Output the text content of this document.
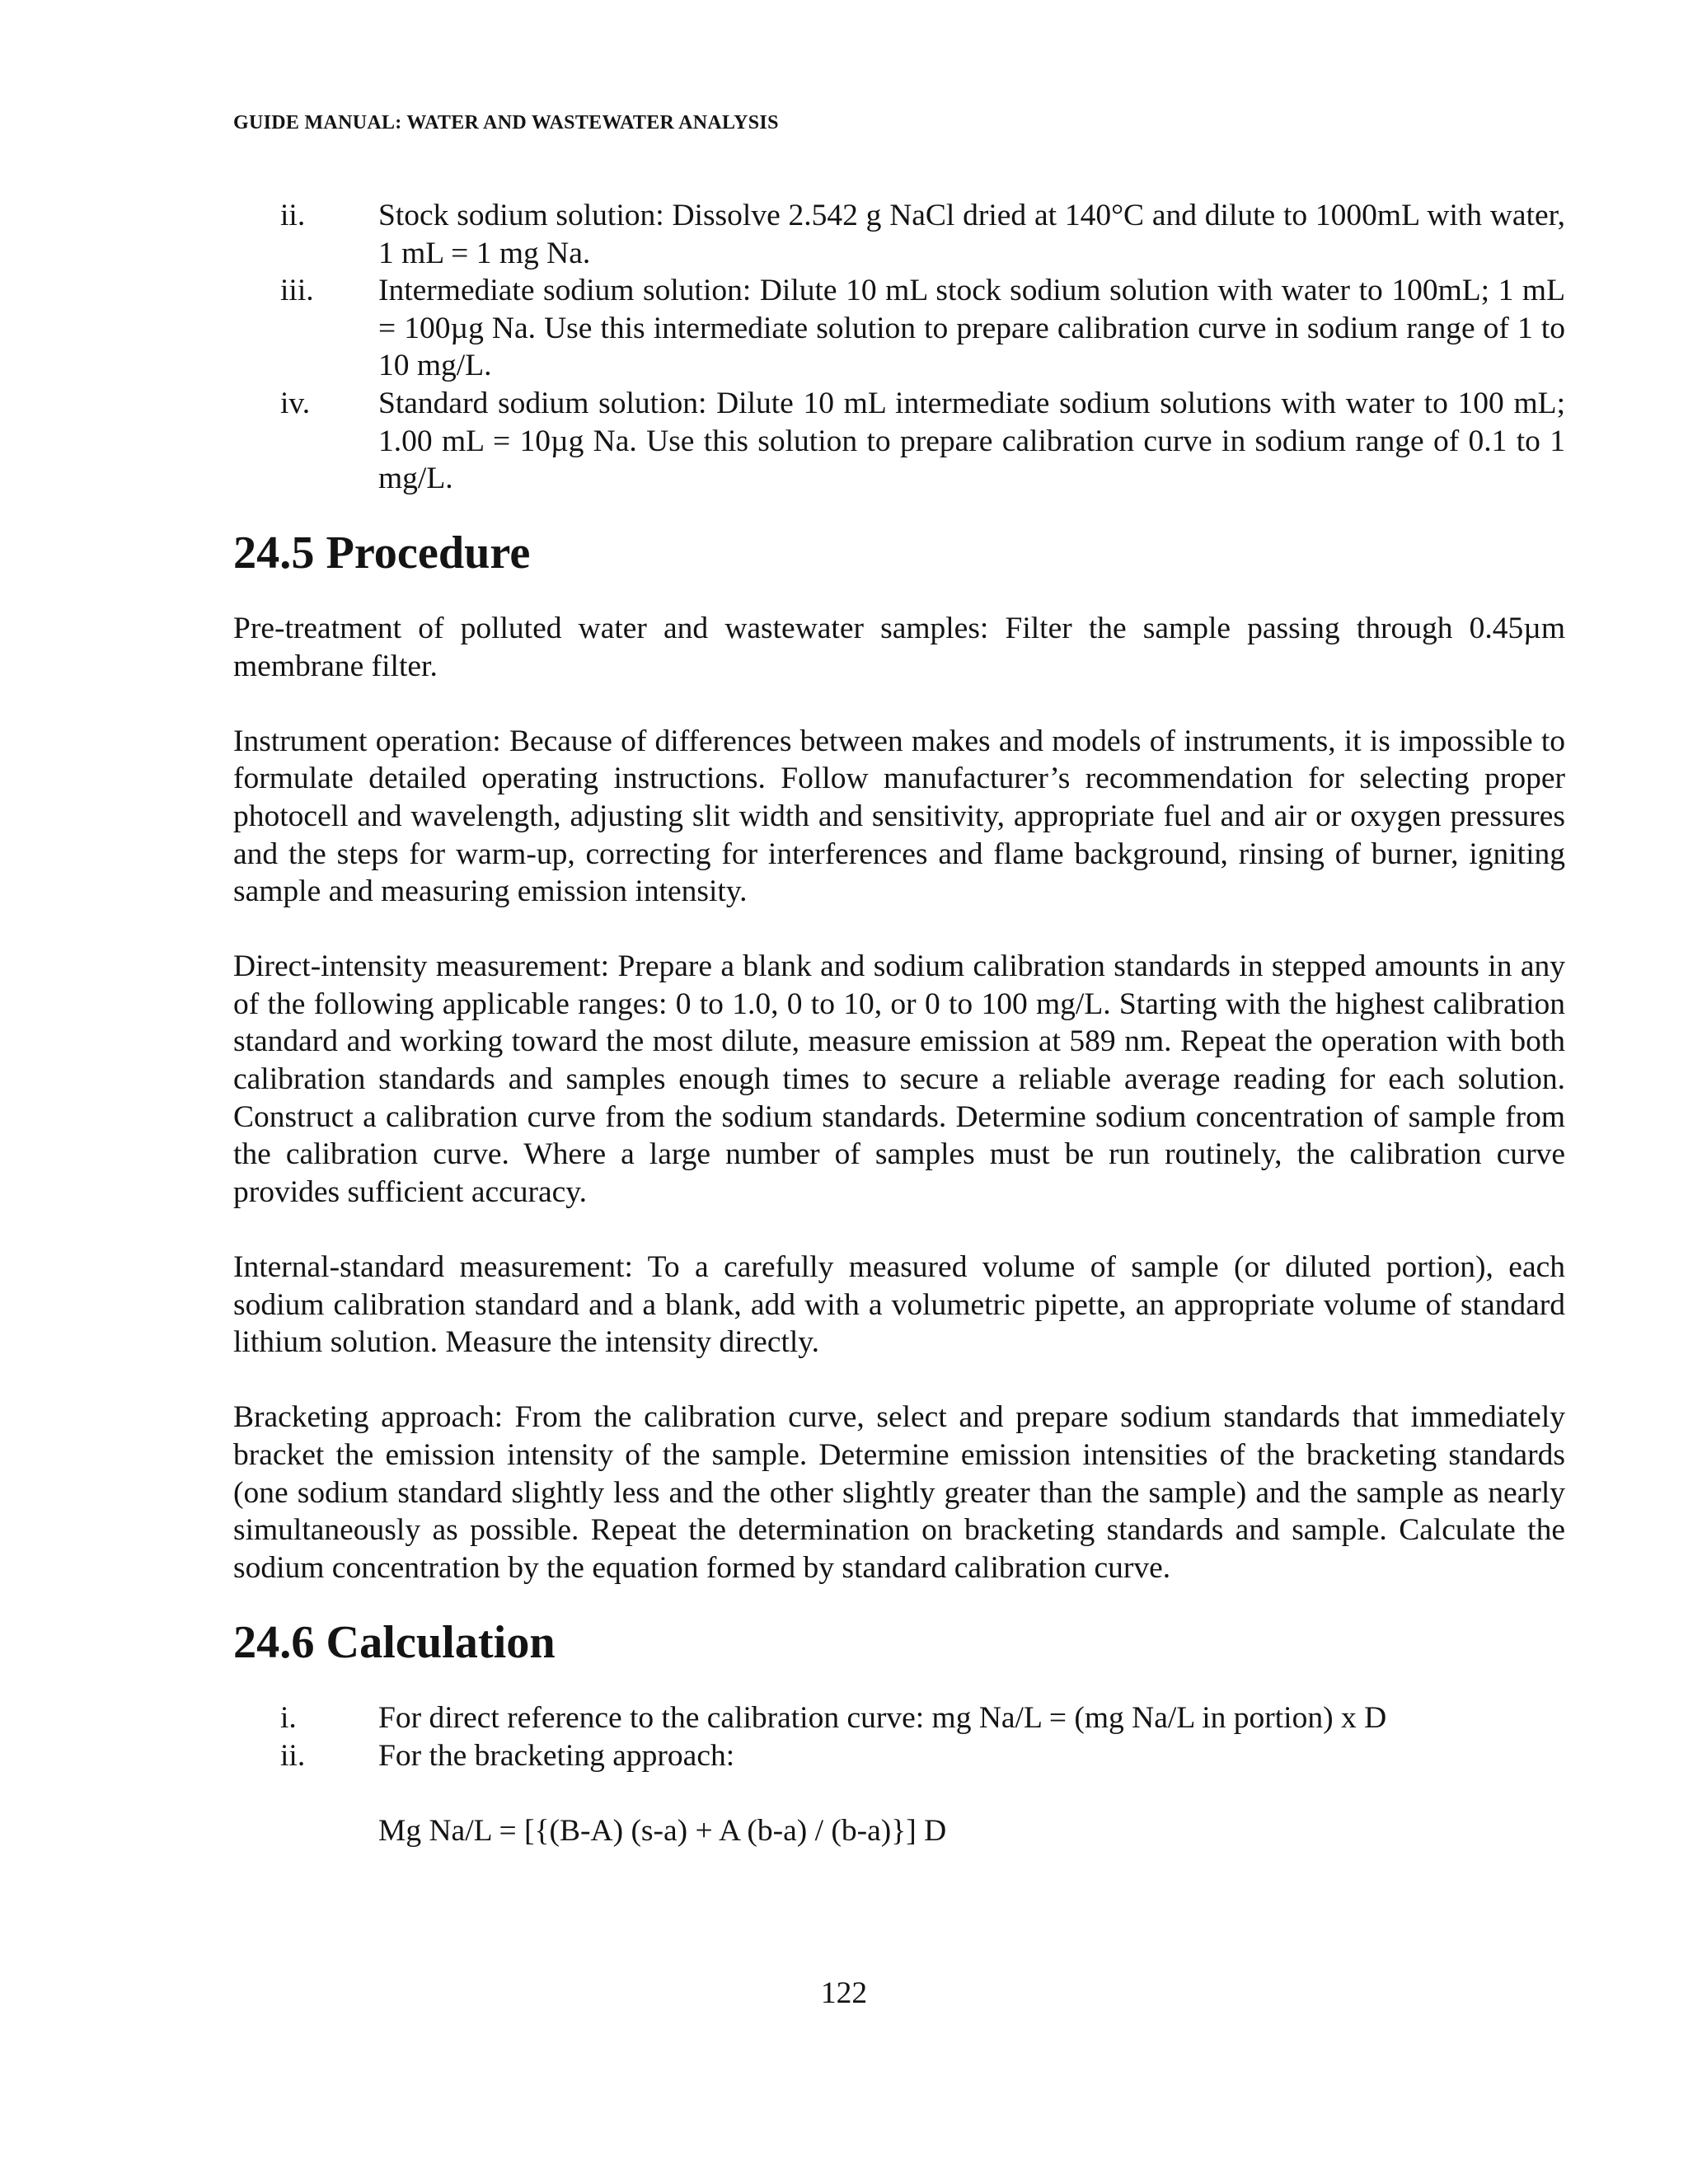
GUIDE MANUAL: WATER AND WASTEWATER ANALYSIS
ii. Stock sodium solution: Dissolve 2.542 g NaCl dried at 140°C and dilute to 1000mL with water, 1 mL = 1 mg Na.
iii. Intermediate sodium solution: Dilute 10 mL stock sodium solution with water to 100mL; 1 mL = 100µg Na. Use this intermediate solution to prepare calibration curve in sodium range of 1 to 10 mg/L.
iv. Standard sodium solution: Dilute 10 mL intermediate sodium solutions with water to 100 mL; 1.00 mL = 10µg Na. Use this solution to prepare calibration curve in sodium range of 0.1 to 1 mg/L.
24.5 Procedure

Pre-treatment of polluted water and wastewater samples: Filter the sample passing through 0.45µm membrane filter.

Instrument operation: Because of differences between makes and models of instruments, it is impossible to formulate detailed operating instructions. Follow manufacturer’s recommendation for selecting proper photocell and wavelength, adjusting slit width and sensitivity, appropriate fuel and air or oxygen pressures and the steps for warm-up, correcting for interferences and flame background, rinsing of burner, igniting sample and measuring emission intensity.

Direct-intensity measurement: Prepare a blank and sodium calibration standards in stepped amounts in any of the following applicable ranges: 0 to 1.0, 0 to 10, or 0 to 100 mg/L. Starting with the highest calibration standard and working toward the most dilute, measure emission at 589 nm. Repeat the operation with both calibration standards and samples enough times to secure a reliable average reading for each solution. Construct a calibration curve from the sodium standards. Determine sodium concentration of sample from the calibration curve. Where a large number of samples must be run routinely, the calibration curve provides sufficient accuracy.

Internal-standard measurement: To a carefully measured volume of sample (or diluted portion), each sodium calibration standard and a blank, add with a volumetric pipette, an appropriate volume of standard lithium solution. Measure the intensity directly.

Bracketing approach: From the calibration curve, select and prepare sodium standards that immediately bracket the emission intensity of the sample. Determine emission intensities of the bracketing standards (one sodium standard slightly less and the other slightly greater than the sample) and the sample as nearly simultaneously as possible. Repeat the determination on bracketing standards and sample. Calculate the sodium concentration by the equation formed by standard calibration curve.

24.6 Calculation
i.	For direct reference to the calibration curve: mg Na/L = (mg Na/L in portion) x D
ii. For the bracketing approach:
Mg Na/L = [{(B-A) (s-a) + A (b-a) / (b-a)}] D
122
